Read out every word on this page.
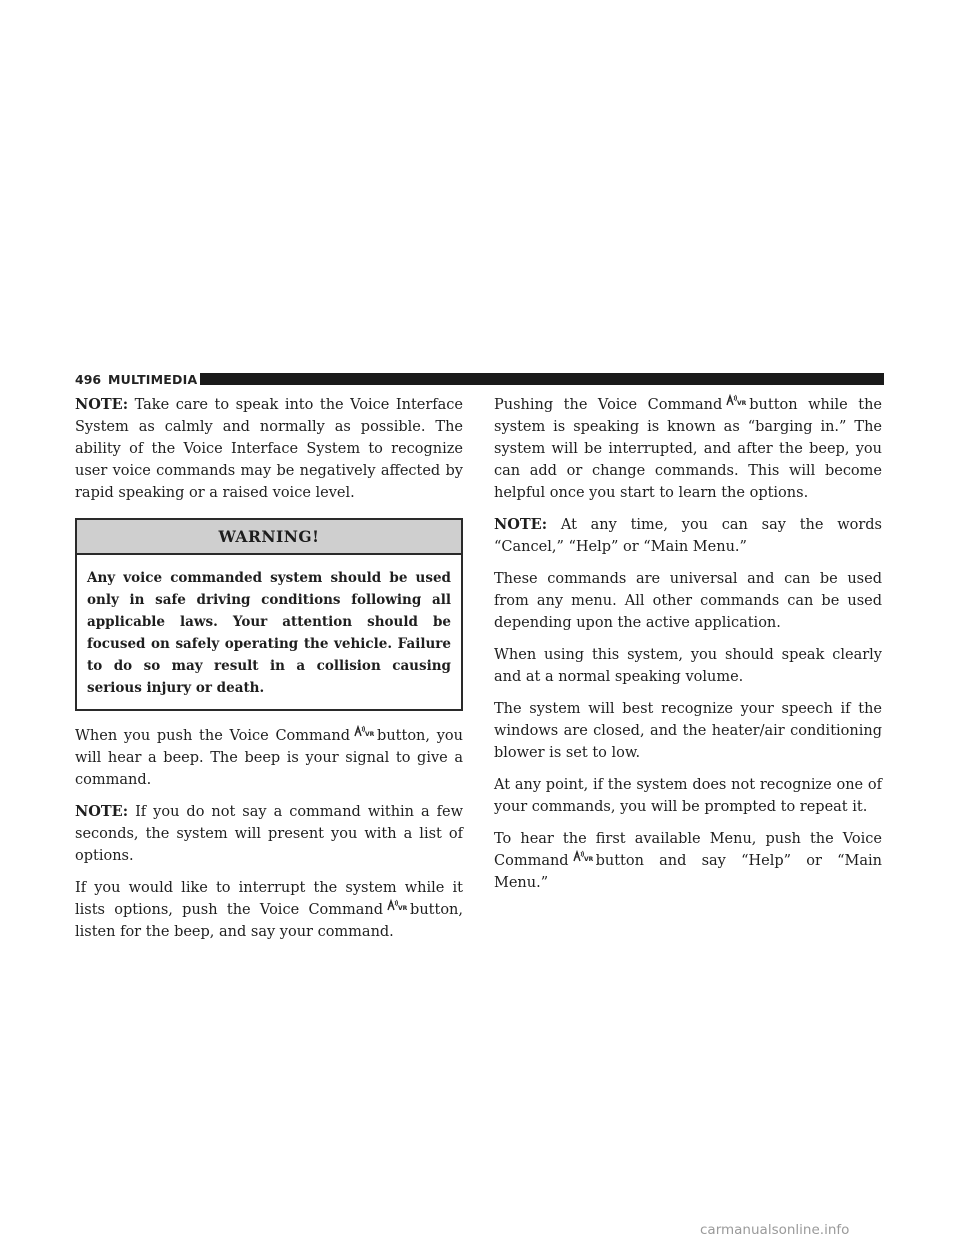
496 MULTIMEDIA

NOTE: Take care to speak into the Voice Interface System as calmly and normally as possible. The ability of the Voice Interface System to recognize user voice commands may be negatively affected by rapid speaking or a raised voice level.

WARNING!
Any voice commanded system should be used only in safe driving conditions following all applicable laws. Your attention should be focused on safely operating the vehicle. Failure to do so may result in a collision causing serious injury or death.

When you push the Voice Command	VR button, you will hear a beep. The beep is your signal to give a command.

NOTE: If you do not say a command within a few seconds, the system will present you with a list of options.

If you would like to interrupt the system while it lists options, push the Voice Command	VR button, listen for the beep, and say your command.

Pushing the Voice Command	VR button while the system is speaking is known as “barging in.” The system will be interrupted, and after the beep, you can add or change commands. This will become helpful once you start to learn the options.

NOTE: At any time, you can say the words “Cancel,” “Help” or “Main Menu.”

These commands are universal and can be used from any menu. All other commands can be used depending upon the active application.

When using this system, you should speak clearly and at a normal speaking volume.

The system will best recognize your speech if the windows are closed, and the heater/air conditioning blower is set to low.

At any point, if the system does not recognize one of your commands, you will be prompted to repeat it.

To hear the first available Menu, push the Voice Command	VR button and say “Help” or “Main Menu.”

carmanualsonline.info
